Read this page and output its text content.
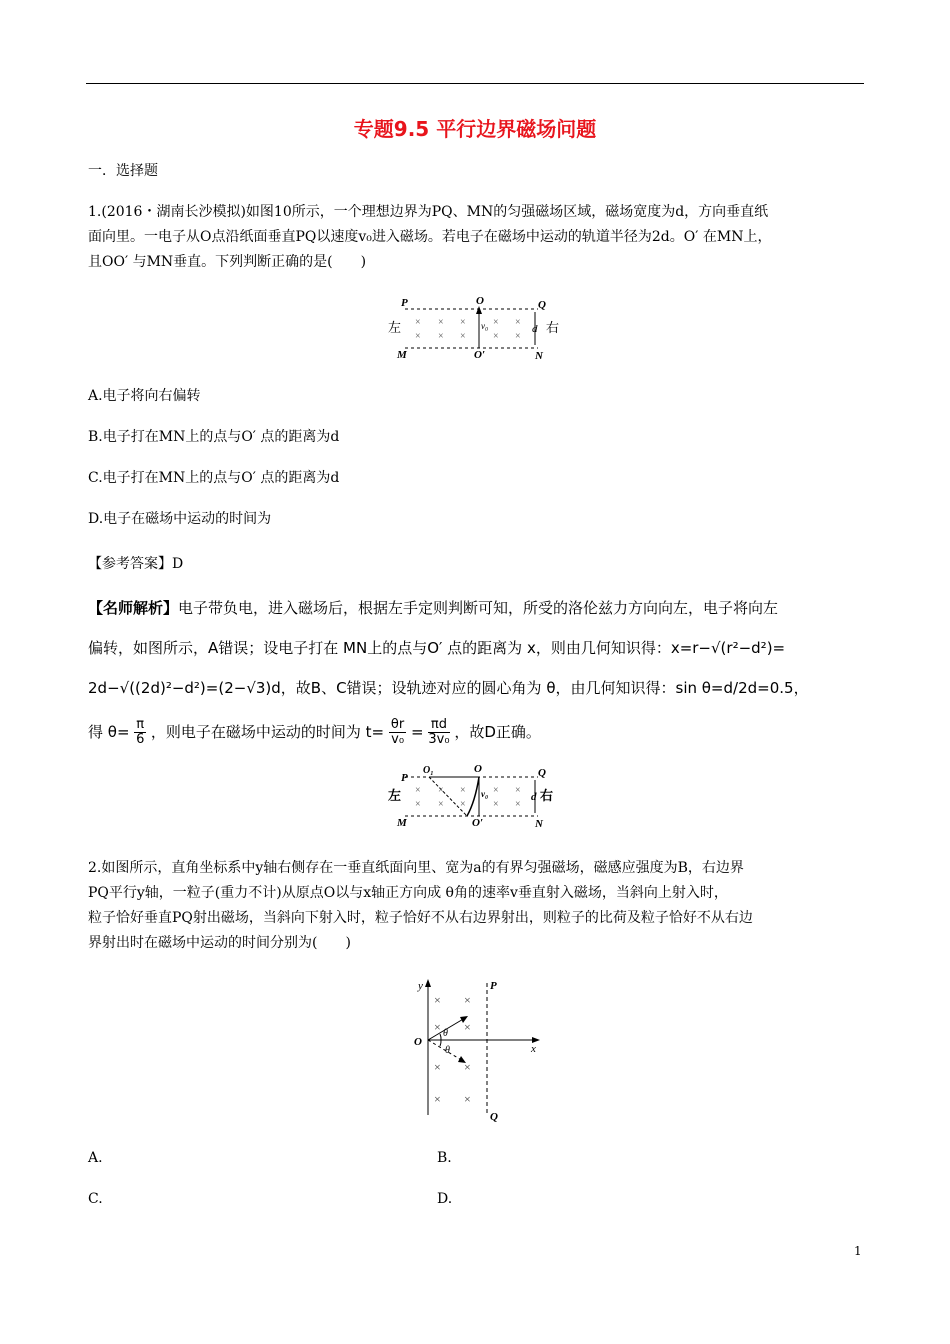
专题9.5 平行边界磁场问题
一．选择题
1.(2016・湖南长沙模拟)如图10所示，一个理想边界为PQ、MN的匀强磁场区域，磁场宽度为d，方向垂直纸
面向里。一电子从O点沿纸面垂直PQ以速度v₀进入磁场。若电子在磁场中运动的轨道半径为2d。O′ 在MN上，
且OO′ 与MN垂直。下列判断正确的是(　　)
× × ×	× ×
× × ×	× ×
P	Q
M	N
O
O′
左	右
d
v₀
A.电子将向右偏转
B.电子打在MN上的点与O′ 点的距离为d
C.电子打在MN上的点与O′ 点的距离为d
D.电子在磁场中运动的时间为
【参考答案】D
【名师解析】电子带负电，进入磁场后，根据左手定则判断可知，所受的洛伦兹力方向向左，电子将向左
偏转，如图所示，A错误；设电子打在 MN上的点与O′ 点的距离为 x，则由几何知识得：x=r−√(r²−d²)=
2d−√((2d)²−d²)=(2−√3)d，故B、C错误；设轨迹对应的圆心角为 θ，由几何知识得：sin θ=d/2d=0.5，
得 $\theta= \frac{\pi}{6}$ ，则电子在磁场中运动的时间为 $t= \frac{\theta r}{\text{v₀}} = \frac{\pi d}{\text{3v₀}}$ ，故D正确。
× × ×	× ×
× × ×	× ×
O₁
P	Q
M	N
O
O′
左	右
d
v₀
2.如图所示，直角坐标系中y轴右侧存在一垂直纸面向里、宽为a的有界匀强磁场，磁感应强度为B，右边界
PQ平行y轴，一粒子(重力不计)从原点O以与x轴正方向成 θ角的速率v垂直射入磁场，当斜向上射入时，
粒子恰好垂直PQ射出磁场，当斜向下射入时，粒子恰好不从右边界射出，则粒子的比荷及粒子恰好不从右边
界射出时在磁场中运动的时间分别为(　　)
× ×
× ×
× ×
× ×
y
x
O
P
Q
θ
θ
A.	B.
C.	D.
1
